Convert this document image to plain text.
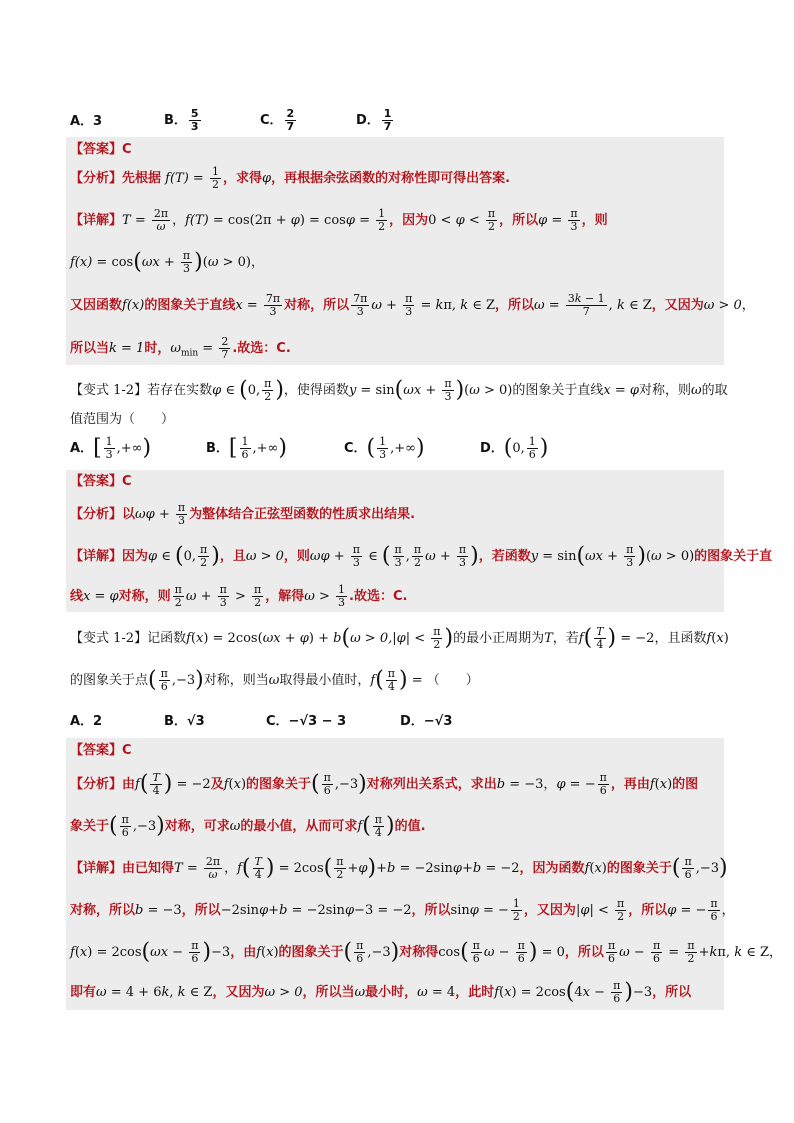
A．3	B． $\frac{5}{3}$	C． $\frac{2}{7}$	D． $\frac{1}{7}$
【答案】C
【分析】先根据 $f(T) = \frac{1}{2}$ ，求得φ，再根据余弦函数的对称性即可得出答案.
【详解】$T = \frac{2\pi}{\omega}$ ，$f(T) = \cos(2\pi + \varphi) = \cos\varphi = \frac{1}{2}$ ，因为$0 < \varphi < \frac{\pi}{2}$ ，所以$\varphi = \frac{\pi}{3}$ ，则
$f(x) = \cos(\omega x + \frac{\pi}{3} )(\omega > 0)$，
又因函数f(x)的图象关于直线$x = \frac{7\pi}{3}$ 对称，所以 $\frac{7\pi}{3}$ $\omega + \frac{\pi}{3} = k\pi$, k ∈ Z，所以$\omega = \frac{3k - 1}{7}$ , k ∈ Z，又因为ω > 0，
所以当k = 1时，$\omega_{min} = \frac{2}{7}$ .故选：C.
【变式 1-2】若存在实数φ ∈ (0, $\frac{\pi}{2}$ )，使得函数$y = \sin(\omega x + \frac{\pi}{3} )(\omega > 0)$的图象关于直线x = φ对称，则ω的取
值范围为（　　）
A．[ $\frac{1}{3}$ ,+∞)	B．[ $\frac{1}{6}$ ,+∞)	C．( $\frac{1}{3}$ ,+∞)	D．(0, $\frac{1}{6}$ )
【答案】C
【分析】以$\omega\varphi + \frac{\pi}{3}$ 为整体结合正弦型函数的性质求出结果.
【详解】因为φ ∈ (0, $\frac{\pi}{2}$ )，且ω > 0，则$\omega\varphi + \frac{\pi}{3}$ ∈ ( $\frac{\pi}{3}$ , $\frac{\pi}{2}$ $\omega + \frac{\pi}{3}$ )，若函数$y = \sin(\omega x + \frac{\pi}{3} )(\omega > 0)$的图象关于直
线x = φ对称，则 $\frac{\pi}{2}$ $\omega + \frac{\pi}{3} > \frac{\pi}{2}$ ，解得$\omega > \frac{1}{3}$ .故选：C.
【变式 1-2】记函数$f(x) = 2\cos(\omega x + \varphi) + b(\omega > 0,|\varphi| < \frac{\pi}{2}$ )的最小正周期为T，若$f( \frac{T}{4}$ ) = −2，且函数f(x)
的图象关于点( $\frac{\pi}{6} ,-3$)对称，则当ω取得最小值时，$f( \frac{\pi}{4}$ ) = （　　）
A．2	B．√3	C．−√3 − 3	D．−√3
【答案】C
【分析】由$f( \frac{T}{4}$ ) = −2及f(x)的图象关于( $\frac{\pi}{6} ,-3$)对称列出关系式，求出b = −3，φ = − $\frac{\pi}{6}$ ，再由f(x)的图
象关于( $\frac{\pi}{6} ,-3$)对称，可求ω的最小值，从而可求$f( \frac{\pi}{4}$ )的值.
【详解】由已知得$T = \frac{2\pi}{\omega}$ ，$f( \frac{T}{4}$ ) = $2\cos( \frac{\pi}{2} +\varphi)+b = -2\sin\varphi+b = -2$，因为函数f(x)的图象关于( $\frac{\pi}{6} ,-3$)
对称，所以b = −3，所以−2sinφ+b = −2sinφ−3 = −2，所以sinφ = − $\frac{1}{2}$ ，又因为$|\varphi| < \frac{\pi}{2}$ ，所以φ = − $\frac{\pi}{6}$ ，
$f(x) = 2\cos(\omega x - \frac{\pi}{6} )-3$，由f(x)的图象关于( $\frac{\pi}{6} ,-3$)对称得$\cos( \frac{\pi}{6}$ $\omega - \frac{\pi}{6}$ ) = 0，所以 $\frac{\pi}{6}$ $\omega - \frac{\pi}{6} = \frac{\pi}{2} +k\pi$, k ∈ Z，
即有ω = 4 + 6k, k ∈ Z，又因为ω > 0，所以当ω最小时，ω = 4，此时$f(x) = 2\cos(4x - \frac{\pi}{6} )-3$，所以
